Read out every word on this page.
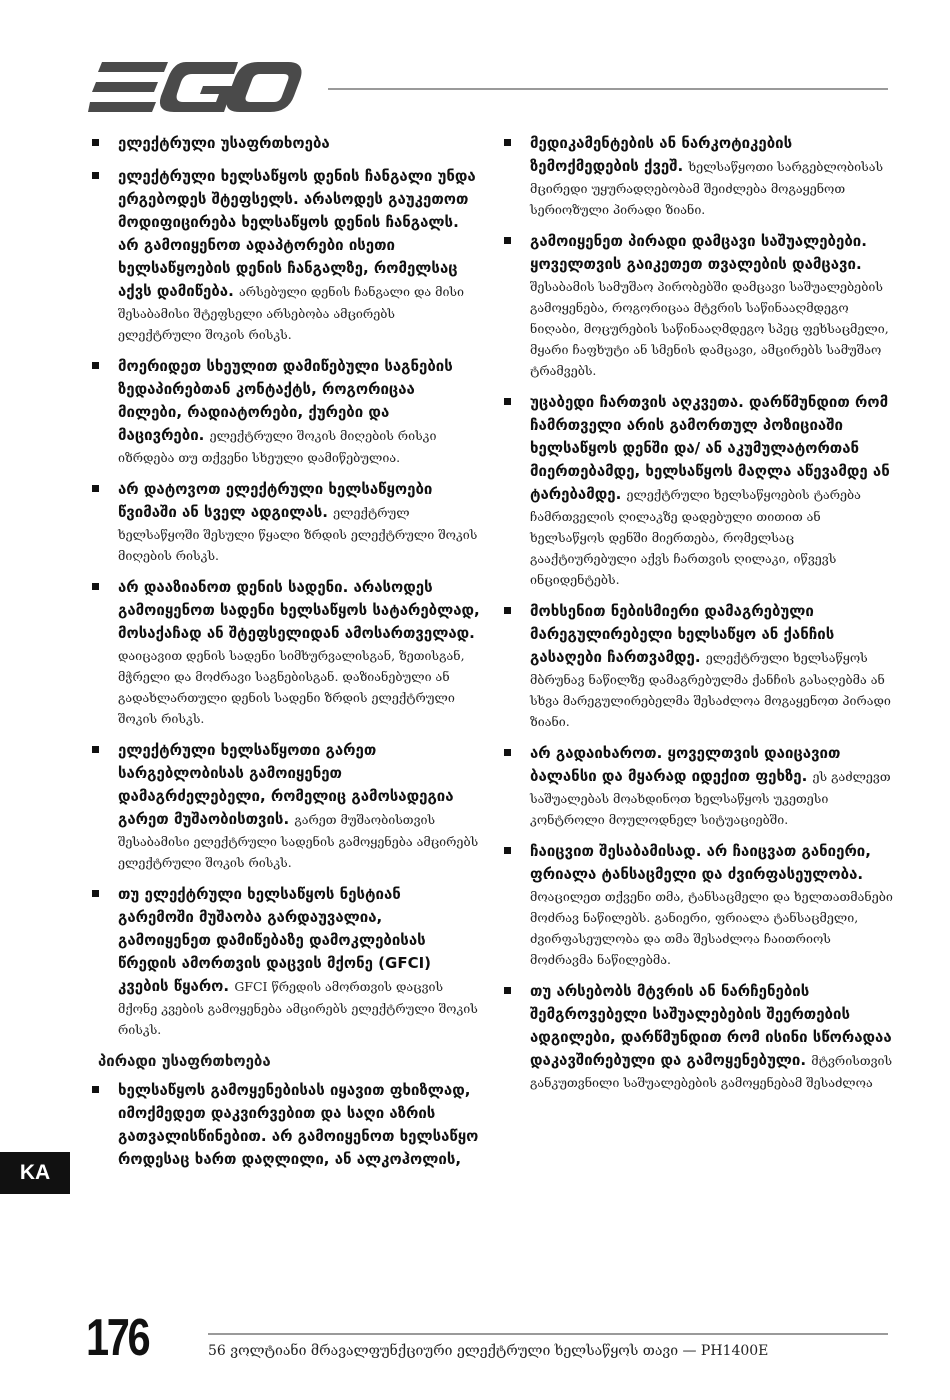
ელექტრული უსაფრთხოება
ელექტრული ხელსაწყოს დენის ჩანგალი უნდა ერგებოდეს შტეფსელს. არასოდეს გაუკეთოთ მოდიფიცირება ხელსაწყოს დენის ჩანგალს. არ გამოიყენოთ ადაპტორები ისეთი ხელსაწყოების დენის ჩანგალზე, რომელსაც აქვს დამიწება. არსებული დენის ჩანგალი და მისი შესაბამისი შტეფსელი არსებობა ამცირებს ელექტრული შოკის რისკს.
მოერიდეთ სხეულით დამიწებული საგნების ზედაპირებთან კონტაქტს, როგორიცაა მილები, რადიატორები, ქურები და მაცივრები. ელექტრული შოკის მიღების რისკი იზრდება თუ თქვენი სხეული დამიწებულია.
არ დატოვოთ ელექტრული ხელსაწყოები წვიმაში ან სველ ადგილას. ელექტრულ ხელსაწყოში შესული წყალი ზრდის ელექტრული შოკის მიღების რისკს.
არ დააზიანოთ დენის სადენი. არასოდეს გამოიყენოთ სადენი ხელსაწყოს სატარებლად, მოსაქაჩად ან შტეფსელიდან ამოსართველად. დაიცავით დენის სადენი სიმხურვალისგან, ზეთისგან, მჭრელი და მოძრავი საგნებისგან. დაზიანებული ან გადახლართული დენის სადენი ზრდის ელექტრული შოკის რისკს.
ელექტრული ხელსაწყოთი გარეთ სარგებლობისას გამოიყენეთ დამაგრძელებელი, რომელიც გამოსადეგია გარეთ მუშაობისთვის. გარეთ მუშაობისთვის შესაბამისი ელექტრული სადენის გამოყენება ამცირებს ელექტრული შოკის რისკს.
თუ ელექტრული ხელსაწყოს ნესტიან გარემოში მუშაობა გარდაუვალია, გამოიყენეთ დამიწებაზე დამოკლებისას წრედის ამორთვის დაცვის მქონე (GFCI) კვების წყარო. GFCI წრედის ამორთვის დაცვის მქონე კვების გამოყენება ამცირებს ელექტრული შოკის რისკს.
პირადი უსაფრთხოება
ხელსაწყოს გამოყენებისას იყავით ფხიზლად, იმოქმედეთ დაკვირვებით და საღი აზრის გათვალისწინებით. არ გამოიყენოთ ხელსაწყო როდესაც ხართ დაღლილი, ან ალკოჰოლის,
მედიკამენტების ან ნარკოტიკების ზემოქმედების ქვეშ. ხელსაწყოთი სარგებლობისას მცირედი უყურადღებობამ შეიძლება მოგაყენოთ სერიოზული პირადი ზიანი.
გამოიყენეთ პირადი დამცავი საშუალებები. ყოველთვის გაიკეთეთ თვალების დამცავი. შესაბამის სამუშაო პირობებში დამცავი საშუალებების გამოყენება, როგორიცაა მტვრის საწინააღმდეგო ნიღაბი, მოცურების საწინააღმდეგო სპეც ფეხსაცმელი, მყარი ჩაფხუტი ან სმენის დამცავი, ამცირებს სამუშაო ტრამვებს.
უცაბედი ჩართვის აღკვეთა. დარწმუნდით რომ ჩამრთველი არის გამორთულ პოზიციაში ხელსაწყოს დენში და/ ან აკუმულატორთან მიერთებამდე, ხელსაწყოს მაღლა აწევამდე ან ტარებამდე. ელექტრული ხელსაწყოების ტარება ჩამრთველის ღილაკზე დადებული თითით ან ხელსაწყოს დენში მიერთება, რომელსაც გააქტიურებული აქვს ჩართვის ღილაკი, იწვევს ინციდენტებს.
მოხსენით ნებისმიერი დამაგრებული მარეგულირებელი ხელსაწყო ან ქანჩის გასაღები ჩართვამდე. ელექტრული ხელსაწყოს მბრუნავ ნაწილზე დამაგრებულმა ქანჩის გასაღებმა ან სხვა მარეგულირებელმა შესაძლოა მოგაყენოთ პირადი ზიანი.
არ გადაიხაროთ. ყოველთვის დაიცავით ბალანსი და მყარად იდექით ფეხზე. ეს გაძლევთ საშუალებას მოახდინოთ ხელსაწყოს უკეთესი კონტროლი მოულოდნელ სიტუაციებში.
ჩაიცვით შესაბამისად. არ ჩაიცვათ განიერი, ფრიალა ტანსაცმელი და ძვირფასეულობა. მოაცილეთ თქვენი თმა, ტანსაცმელი და ხელთათმანები მოძრავ ნაწილებს. განიერი, ფრიალა ტანსაცმელი, ძვირფასეულობა და თმა შესაძლოა ჩაითრიოს მოძრავმა ნაწილებმა.
თუ არსებობს მტვრის ან ნარჩენების შემგროვებელი საშუალებების შეერთების ადგილები, დარწმუნდით რომ ისინი სწორადაა დაკავშირებული და გამოყენებული. მტვრისთვის განკუთვნილი საშუალებების გამოყენებამ შესაძლოა
KA
176	56 ვოლტიანი მრავალფუნქციური ელექტრული ხელსაწყოს თავი — PH1400E
